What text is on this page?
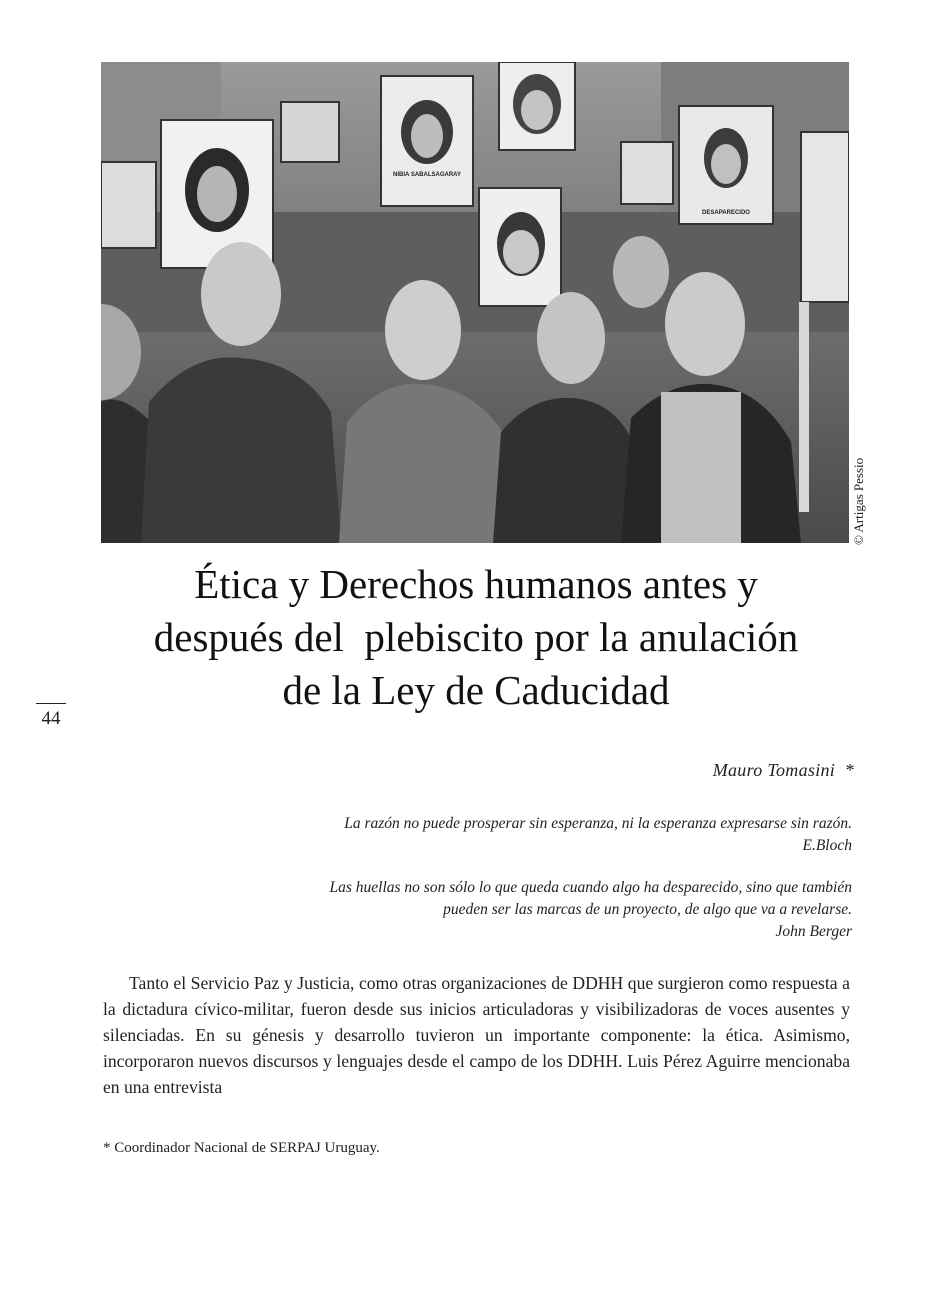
NIBIA SABALSAGARAY
DESAPARECIDO
© Artigas Pessio
Ética y Derechos humanos antes y
después del  plebiscito por la anulación
de la Ley de Caducidad
44
Mauro Tomasini  *
La razón no puede prosperar sin esperanza, ni la esperanza expresarse sin razón.
E.Bloch
Las huellas no son sólo lo que queda cuando algo ha desparecido, sino que también
pueden ser las marcas de un proyecto, de algo que va a revelarse.
John Berger

Tanto el Servicio Paz y Justicia, como otras organizaciones de DDHH que surgieron como respuesta a la dictadura cívico-militar, fueron desde sus inicios articuladoras y visibilizadoras de voces ausentes y silenciadas. En su génesis y desarrollo tuvieron un importante componente: la ética. Asimismo, incorporaron nuevos discursos y lenguajes desde el campo de los DDHH. Luis Pérez Aguirre mencionaba en una entrevista

* Coordinador Nacional de SERPAJ Uruguay.
